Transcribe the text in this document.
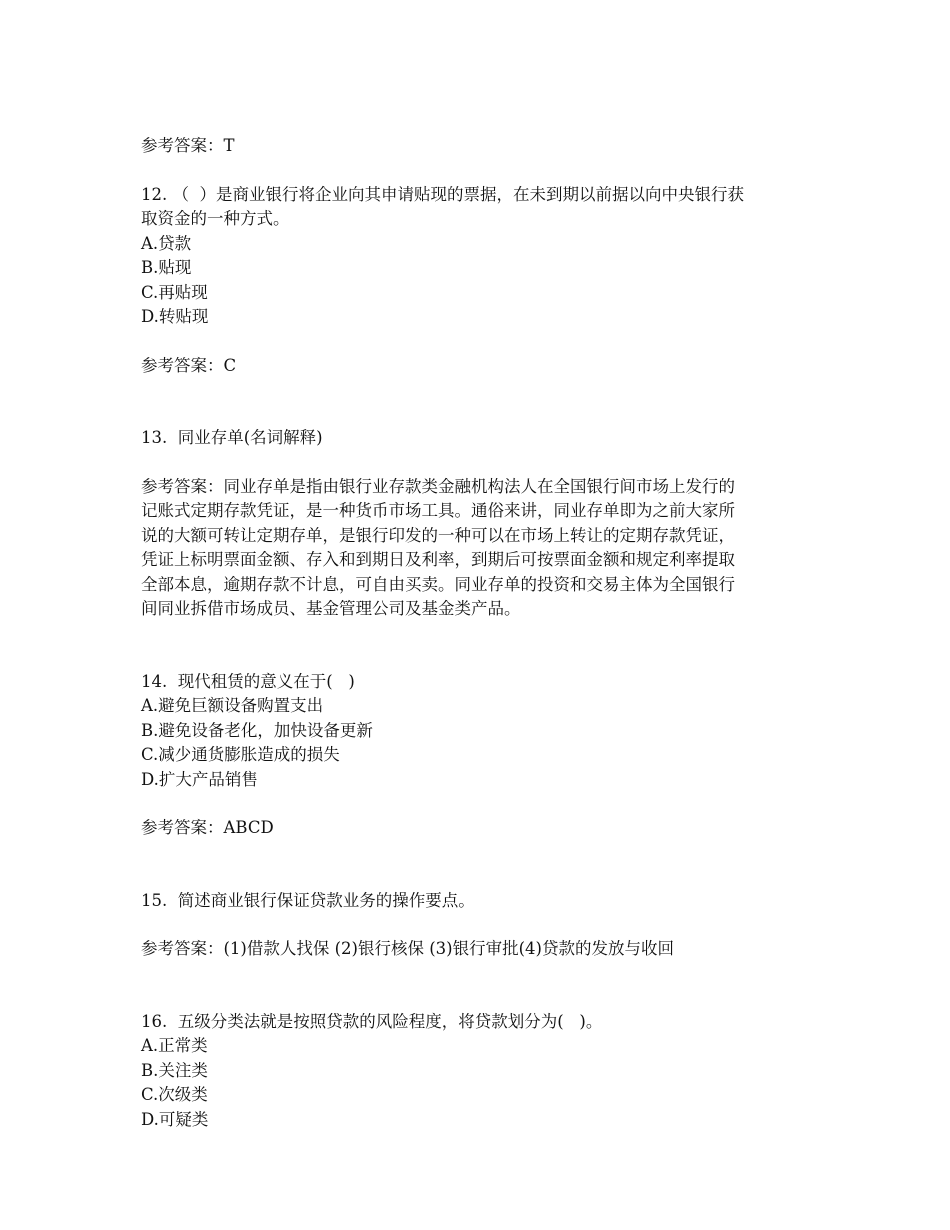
参考答案：T
12. （  ）是商业银行将企业向其申请贴现的票据，在未到期以前据以向中央银行获
取资金的一种方式。
A.贷款
B.贴现
C.再贴现
D.转贴现
参考答案：C
13.  同业存单(名词解释)
参考答案：同业存单是指由银行业存款类金融机构法人在全国银行间市场上发行的
记账式定期存款凭证，是一种货币市场工具。通俗来讲，同业存单即为之前大家所
说的大额可转让定期存单，是银行印发的一种可以在市场上转让的定期存款凭证，
凭证上标明票面金额、存入和到期日及利率，到期后可按票面金额和规定利率提取
全部本息，逾期存款不计息，可自由买卖。同业存单的投资和交易主体为全国银行
间同业拆借市场成员、基金管理公司及基金类产品。
14.  现代租赁的意义在于(   )
A.避免巨额设备购置支出
B.避免设备老化，加快设备更新
C.减少通货膨胀造成的损失
D.扩大产品销售
参考答案：ABCD
15.  简述商业银行保证贷款业务的操作要点。
参考答案：(1)借款人找保 (2)银行核保 (3)银行审批(4)贷款的发放与收回
16.  五级分类法就是按照贷款的风险程度，将贷款划分为(   )。
A.正常类
B.关注类
C.次级类
D.可疑类
